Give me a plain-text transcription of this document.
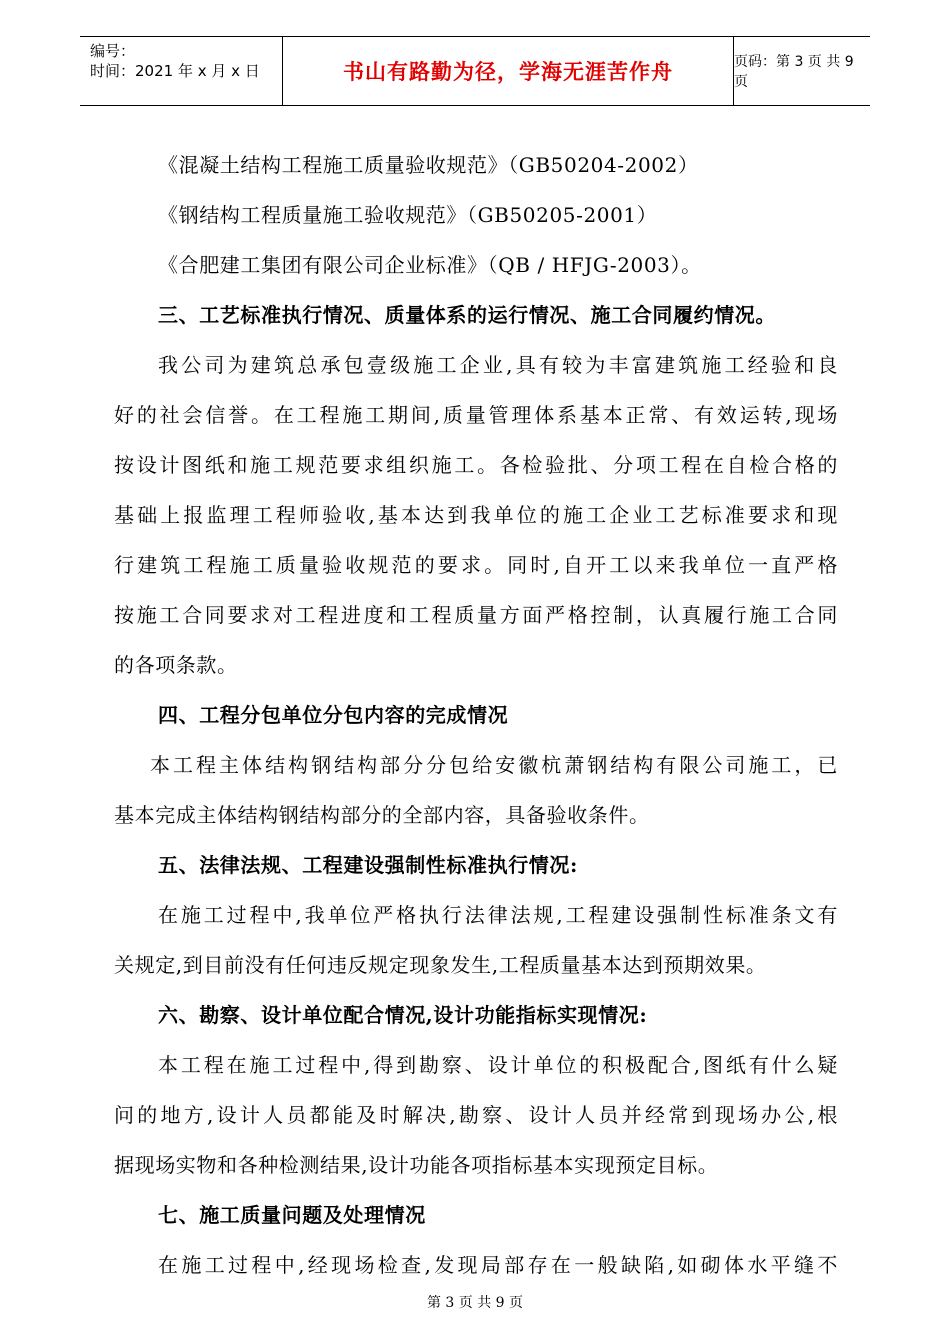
编号：
时间：2021 年 x 月 x 日	书山有路勤为径，学海无涯苦作舟	页码：第 3 页 共 9 页
《混凝土结构工程施工质量验收规范》（GB50204-2002）
《钢结构工程质量施工验收规范》（GB50205-2001）
《合肥建工集团有限公司企业标准》（QB / HFJG-2003）。
三、工艺标准执行情况、质量体系的运行情况、施工合同履约情况。
我公司为建筑总承包壹级施工企业,具有较为丰富建筑施工经验和良
好的社会信誉。在工程施工期间,质量管理体系基本正常、有效运转,现场
按设计图纸和施工规范要求组织施工。各检验批、分项工程在自检合格的
基础上报监理工程师验收,基本达到我单位的施工企业工艺标准要求和现
行建筑工程施工质量验收规范的要求。同时,自开工以来我单位一直严格
按施工合同要求对工程进度和工程质量方面严格控制，认真履行施工合同
的各项条款。
四、工程分包单位分包内容的完成情况
本工程主体结构钢结构部分分包给安徽杭萧钢结构有限公司施工，已
基本完成主体结构钢结构部分的全部内容，具备验收条件。
五、法律法规、工程建设强制性标准执行情况:
在施工过程中,我单位严格执行法律法规,工程建设强制性标准条文有
关规定,到目前没有任何违反规定现象发生,工程质量基本达到预期效果。
六、勘察、设计单位配合情况,设计功能指标实现情况:
本工程在施工过程中,得到勘察、设计单位的积极配合,图纸有什么疑
问的地方,设计人员都能及时解决,勘察、设计人员并经常到现场办公,根
据现场实物和各种检测结果,设计功能各项指标基本实现预定目标。
七、施工质量问题及处理情况
在施工过程中,经现场检查,发现局部存在一般缺陷,如砌体水平缝不
第 3 页 共 9 页
